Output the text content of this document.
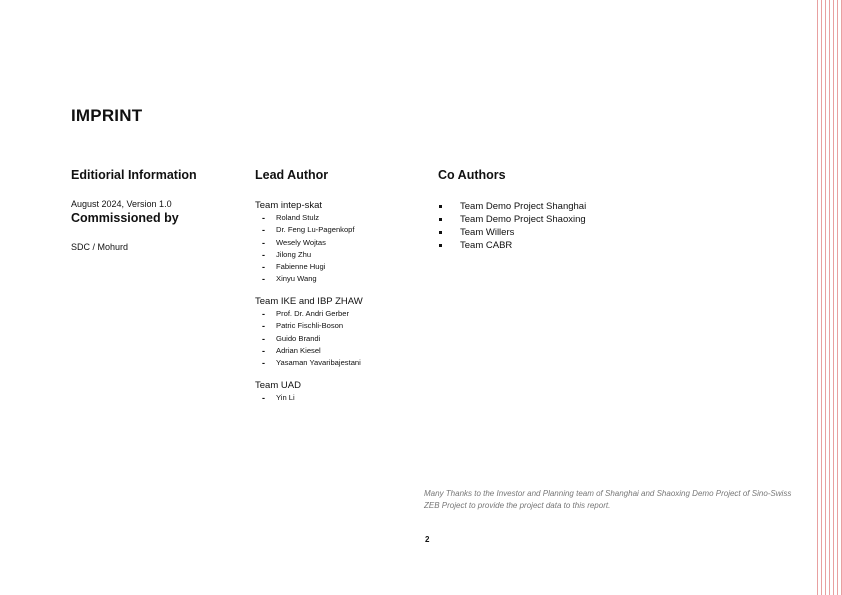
IMPRINT
Editiorial Information
August 2024, Version 1.0
Commissioned by
SDC / Mohurd
Lead Author
Team intep-skat
- Roland Stulz
- Dr. Feng Lu-Pagenkopf
- Wesely Wojtas
- Jilong Zhu
- Fabienne Hugi
- Xinyu Wang
Team IKE and IBP ZHAW
- Prof. Dr. Andri Gerber
- Patric Fischli-Boson
- Guido Brandi
- Adrian Kiesel
- Yasaman Yavaribajestani
Team UAD
- Yin Li
Co Authors
Team Demo Project Shanghai
Team Demo Project Shaoxing
Team Willers
Team CABR
Many Thanks to the Investor and Planning team of Shanghai and Shaoxing Demo Project of Sino-Swiss ZEB Project to provide the project data to this report.
2
